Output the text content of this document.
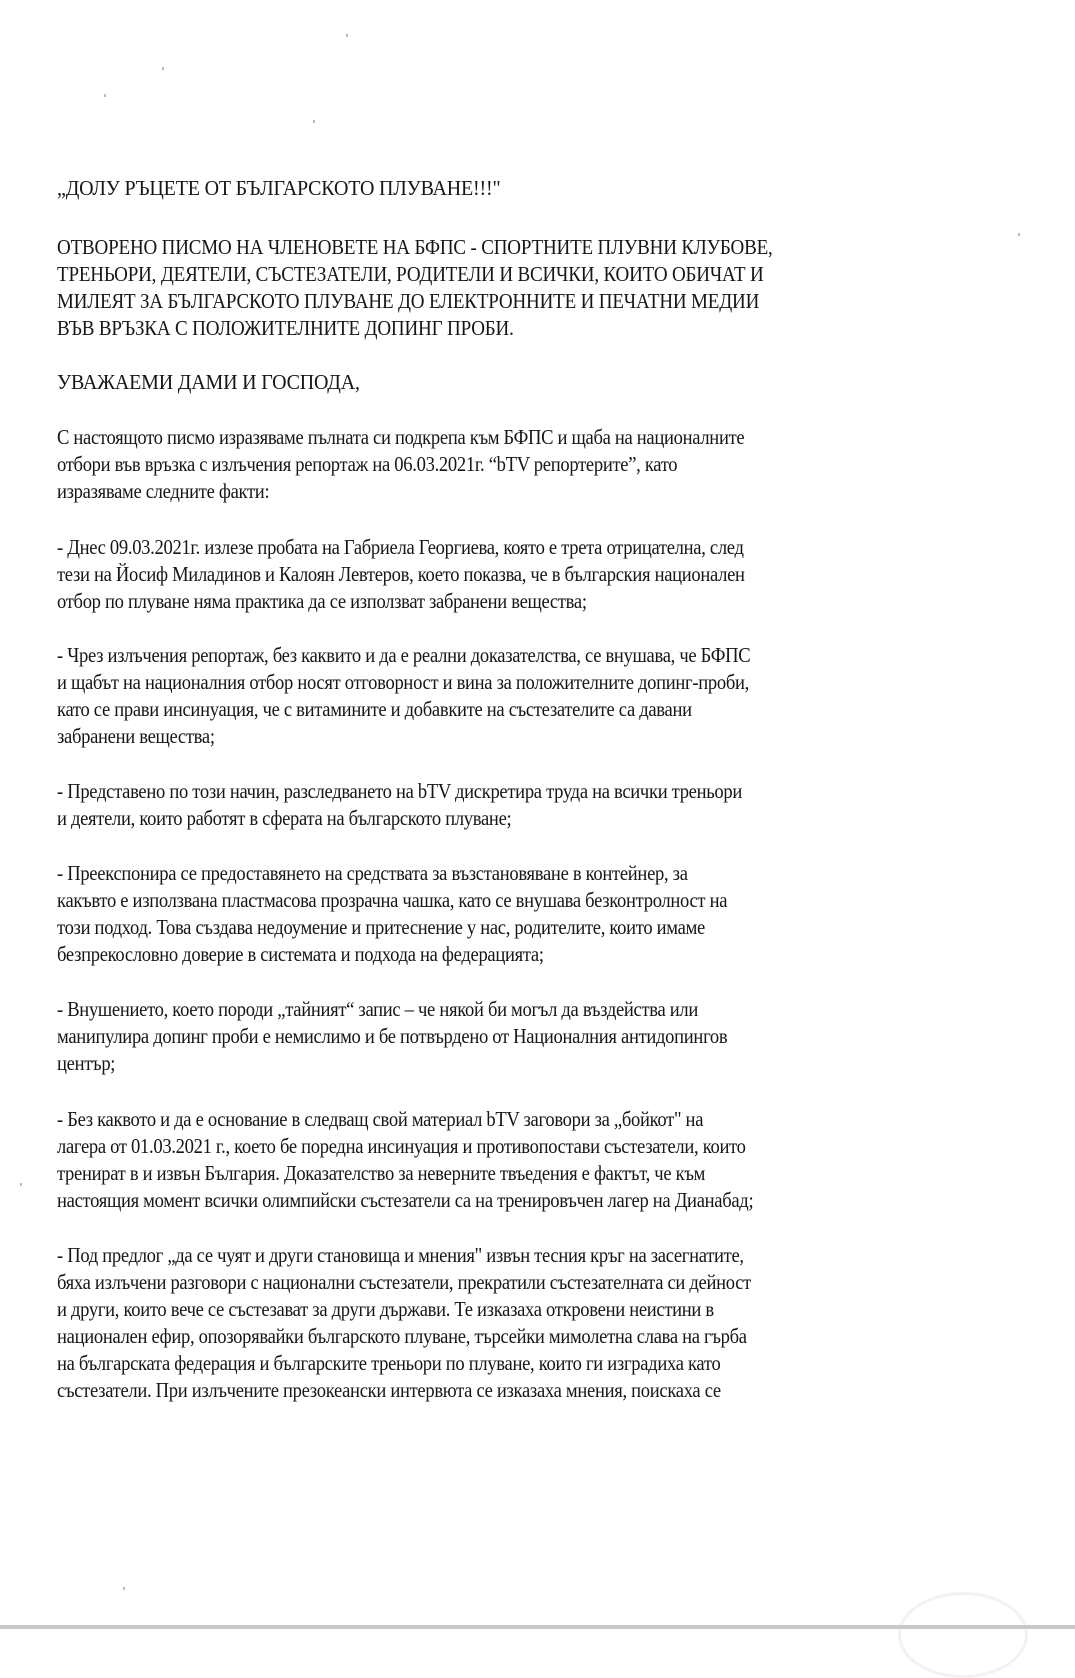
„ДОЛУ РЪЦЕТЕ ОТ БЪЛГАРСКОТО ПЛУВАНЕ!!!"
ОТВОРЕНО ПИСМО НА ЧЛЕНОВЕТЕ НА БФПС - СПОРТНИТЕ ПЛУВНИ КЛУБОВЕ,
ТРЕНЬОРИ, ДЕЯТЕЛИ, СЪСТЕЗАТЕЛИ, РОДИТЕЛИ И ВСИЧКИ, КОИТО ОБИЧАТ И
МИЛЕЯТ ЗА БЪЛГАРСКОТО ПЛУВАНЕ ДО ЕЛЕКТРОННИТЕ И ПЕЧАТНИ МЕДИИ
ВЪВ ВРЪЗКА С ПОЛОЖИТЕЛНИТЕ ДОПИНГ ПРОБИ.
УВАЖАЕМИ ДАМИ И ГОСПОДА,
С настоящото писмо изразяваме пълната си подкрепа към БФПС и щаба на националните
отбори във връзка с излъчения репортаж на 06.03.2021г. “bTV репортерите”, като
изразяваме следните факти:
- Днес 09.03.2021г. излезе пробата на Габриела Георгиева, която е трета отрицателна, след
тези на Йосиф Миладинов и Калоян Левтеров, което показва, че в българския национален
отбор по плуване няма практика да се използват забранени вещества;
- Чрез излъчения репортаж, без каквито и да е реални доказателства, се внушава, че БФПС
и щабът на националния отбор носят отговорност и вина за положителните допинг-проби,
като се прави инсинуация, че с витамините и добавките на състезателите са давани
забранени вещества;
- Представено по този начин, разследването на bTV дискретира труда на всички треньори
и деятели, които работят в сферата на българското плуване;
- Преекспонира се предоставянето на средствата за възстановяване в контейнер, за
какъвто е използвана пластмасова прозрачна чашка, като се внушава безконтролност на
този подход. Това създава недоумение и притеснение у нас, родителите, които имаме
безпрекословно доверие в системата и подхода на федерацията;
- Внушението, което породи „тайният“ запис – че някой би могъл да въздейства или
манипулира допинг проби е немислимо и бе потвърдено от Националния антидопингов
център;
- Без каквото и да е основание в следващ свой материал bTV заговори за „бойкот" на
лагера от 01.03.2021 г., което бе поредна инсинуация и противопостави състезатели, които
тренират в и извън България. Доказателство за невeрните твъедения е фактът, че към
настоящия момент всички олимпийски състезатели са на тренировъчен лагер на Дианабад;
- Под предлог „да се чуят и други становища и мнения" извън тесния кръг на засегнатите,
бяха излъчени разговори с национални състезатели, прекратили състезателната си дейност
и други, които вече се състезават за други държави. Те изказаха откровени неистини в
национален ефир, опозорявайки българското плуване, търсейки мимолетна слава на гърба
на българската федерация и българските треньори по плуване, които ги изградиха като
състезатели. При излъчените презокеански интервюта се изказаха мнения, поискаха се
